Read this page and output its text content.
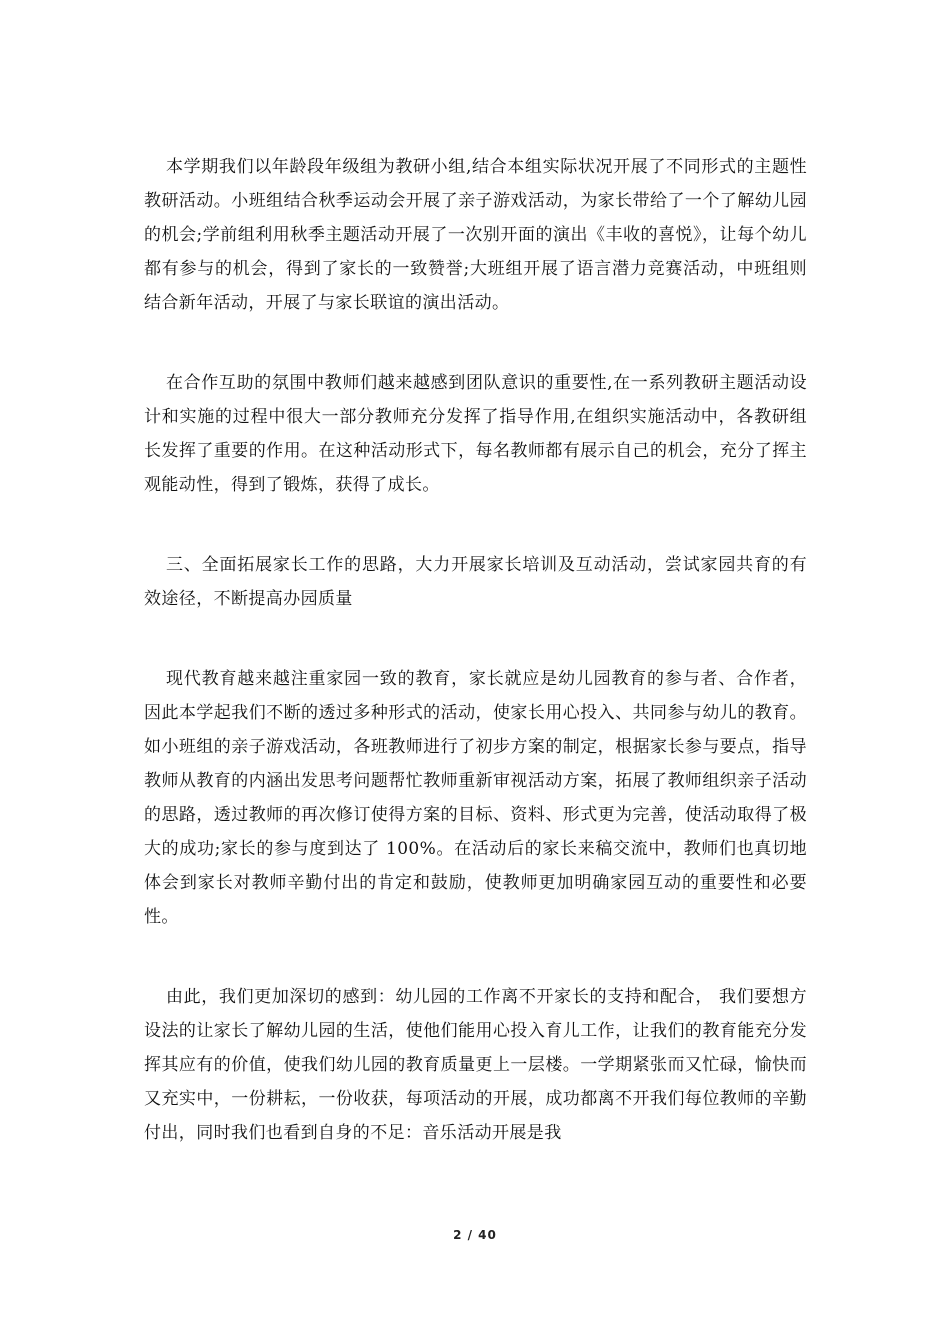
本学期我们以年龄段年级组为教研小组,结合本组实际状况开展了不同形式的主题性教研活动。小班组结合秋季运动会开展了亲子游戏活动，为家长带给了一个了解幼儿园的机会;学前组利用秋季主题活动开展了一次别开面的演出《丰收的喜悦》，让每个幼儿都有参与的机会，得到了家长的一致赞誉;大班组开展了语言潜力竞赛活动，中班组则结合新年活动，开展了与家长联谊的演出活动。

在合作互助的氛围中教师们越来越感到团队意识的重要性,在一系列教研主题活动设计和实施的过程中很大一部分教师充分发挥了指导作用,在组织实施活动中，各教研组长发挥了重要的作用。在这种活动形式下，每名教师都有展示自己的机会，充分了挥主观能动性，得到了锻炼，获得了成长。

三、全面拓展家长工作的思路，大力开展家长培训及互动活动，尝试家园共育的有效途径，不断提高办园质量

现代教育越来越注重家园一致的教育，家长就应是幼儿园教育的参与者、合作者，因此本学起我们不断的透过多种形式的活动，使家长用心投入、共同参与幼儿的教育。如小班组的亲子游戏活动，各班教师进行了初步方案的制定，根据家长参与要点，指导教师从教育的内涵出发思考问题帮忙教师重新审视活动方案，拓展了教师组织亲子活动的思路，透过教师的再次修订使得方案的目标、资料、形式更为完善，使活动取得了极大的成功;家长的参与度到达了 100%。在活动后的家长来稿交流中，教师们也真切地体会到家长对教师辛勤付出的肯定和鼓励，使教师更加明确家园互动的重要性和必要性。

由此，我们更加深切的感到：幼儿园的工作离不开家长的支持和配合， 我们要想方设法的让家长了解幼儿园的生活，使他们能用心投入育儿工作，让我们的教育能充分发挥其应有的价值，使我们幼儿园的教育质量更上一层楼。一学期紧张而又忙碌，愉快而又充实中，一份耕耘，一份收获，每项活动的开展，成功都离不开我们每位教师的辛勤付出，同时我们也看到自身的不足：音乐活动开展是我

2 / 40
